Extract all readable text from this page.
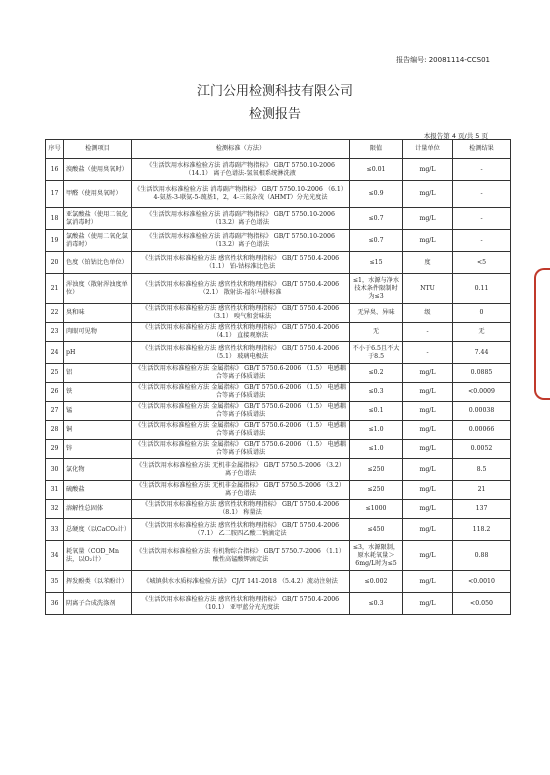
报告编号: 20081114-CCS01
江门公用检测科技有限公司
检测报告
本报告第 4 页/共 5 页
序号	检测项目	检测标准（方法）	限值	计量单位	检测结果
16	溴酸盐（使用臭氧时）	《生活饮用水标准检验方法 消毒副产物指标》 GB/T 5750.10-2006 （14.1） 离子色谱法-氢氧根系统淋洗液	≤0.01	mg/L	-
17	甲醛（使用臭氧时）	《生活饮用水标准检验方法 消毒副产物指标》 GB/T 5750.10-2006 （6.1）4-氨基-3-联氨-5-巯基1，2，4-三氮杂茂（AHMT）分光光度法	≤0.9	mg/L	-
18	亚氯酸盐（使用二氧化氯消毒时）	《生活饮用水标准检验方法 消毒副产物指标》 GB/T 5750.10-2006 （13.2）离子色谱法	≤0.7	mg/L	-
19	氯酸盐（使用二氧化氯消毒时）	《生活饮用水标准检验方法 消毒副产物指标》 GB/T 5750.10-2006 （13.2）离子色谱法	≤0.7	mg/L	-
20	色度（铂钴比色单位）	《生活饮用水标准检验方法 感官性状和物理指标》 GB/T 5750.4-2006 （1.1） 铂-钴标准比色法	≤15	度	<5
21	浑浊度（散射浑浊度单位）	《生活饮用水标准检验方法 感官性状和物理指标》 GB/T 5750.4-2006 （2.1） 散射法-福尔马肼标准	≤1，水源与净水技术条件限制时为≤3	NTU	0.11
22	臭和味	《生活饮用水标准检验方法 感官性状和物理指标》 GB/T 5750.4-2006 （3.1） 嗅气和尝味法	无异臭、异味	级	0
23	肉眼可见物	《生活饮用水标准检验方法 感官性状和物理指标》 GB/T 5750.4-2006 （4.1） 直接观察法	无	-	无
24	pH	《生活饮用水标准检验方法 感官性状和物理指标》 GB/T 5750.4-2006 （5.1） 玻璃电极法	不小于6.5且不大于8.5	-	7.44
25	铝	《生活饮用水标准检验方法 金属指标》 GB/T 5750.6-2006 （1.5） 电感耦合等离子体质谱法	≤0.2	mg/L	0.0885
26	铁	《生活饮用水标准检验方法 金属指标》 GB/T 5750.6-2006 （1.5） 电感耦合等离子体质谱法	≤0.3	mg/L	<0.0009
27	锰	《生活饮用水标准检验方法 金属指标》 GB/T 5750.6-2006 （1.5） 电感耦合等离子体质谱法	≤0.1	mg/L	0.00038
28	铜	《生活饮用水标准检验方法 金属指标》 GB/T 5750.6-2006 （1.5） 电感耦合等离子体质谱法	≤1.0	mg/L	0.00066
29	锌	《生活饮用水标准检验方法 金属指标》 GB/T 5750.6-2006 （1.5） 电感耦合等离子体质谱法	≤1.0	mg/L	0.0052
30	氯化物	《生活饮用水标准检验方法 无机非金属指标》 GB/T 5750.5-2006 （3.2）离子色谱法	≤250	mg/L	8.5
31	硫酸盐	《生活饮用水标准检验方法 无机非金属指标》 GB/T 5750.5-2006 （3.2）离子色谱法	≤250	mg/L	21
32	溶解性总固体	《生活饮用水标准检验方法 感官性状和物理指标》 GB/T 5750.4-2006 （8.1） 称量法	≤1000	mg/L	137
33	总硬度（以CaCO₃计）	《生活饮用水标准检验方法 感官性状和物理指标》 GB/T 5750.4-2006 （7.1） 乙二胺四乙酸二钠滴定法	≤450	mg/L	118.2
34	耗氧量（COD_Mn法，以O₂计）	《生活饮用水标准检验方法 有机物综合指标》 GB/T 5750.7-2006 （1.1） 酸性高锰酸钾滴定法	≤3，水源限制，原水耗氧量＞6mg/L时为≤5	mg/L	0.88
35	挥发酚类（以苯酚计）	《城镇供水水质标准检验方法》 CJ/T 141-2018 （5.4.2）流动注射法	≤0.002	mg/L	<0.0010
36	阴离子合成洗涤剂	《生活饮用水标准检验方法 感官性状和物理指标》 GB/T 5750.4-2006 （10.1） 亚甲蓝分光光度法	≤0.3	mg/L	<0.050
